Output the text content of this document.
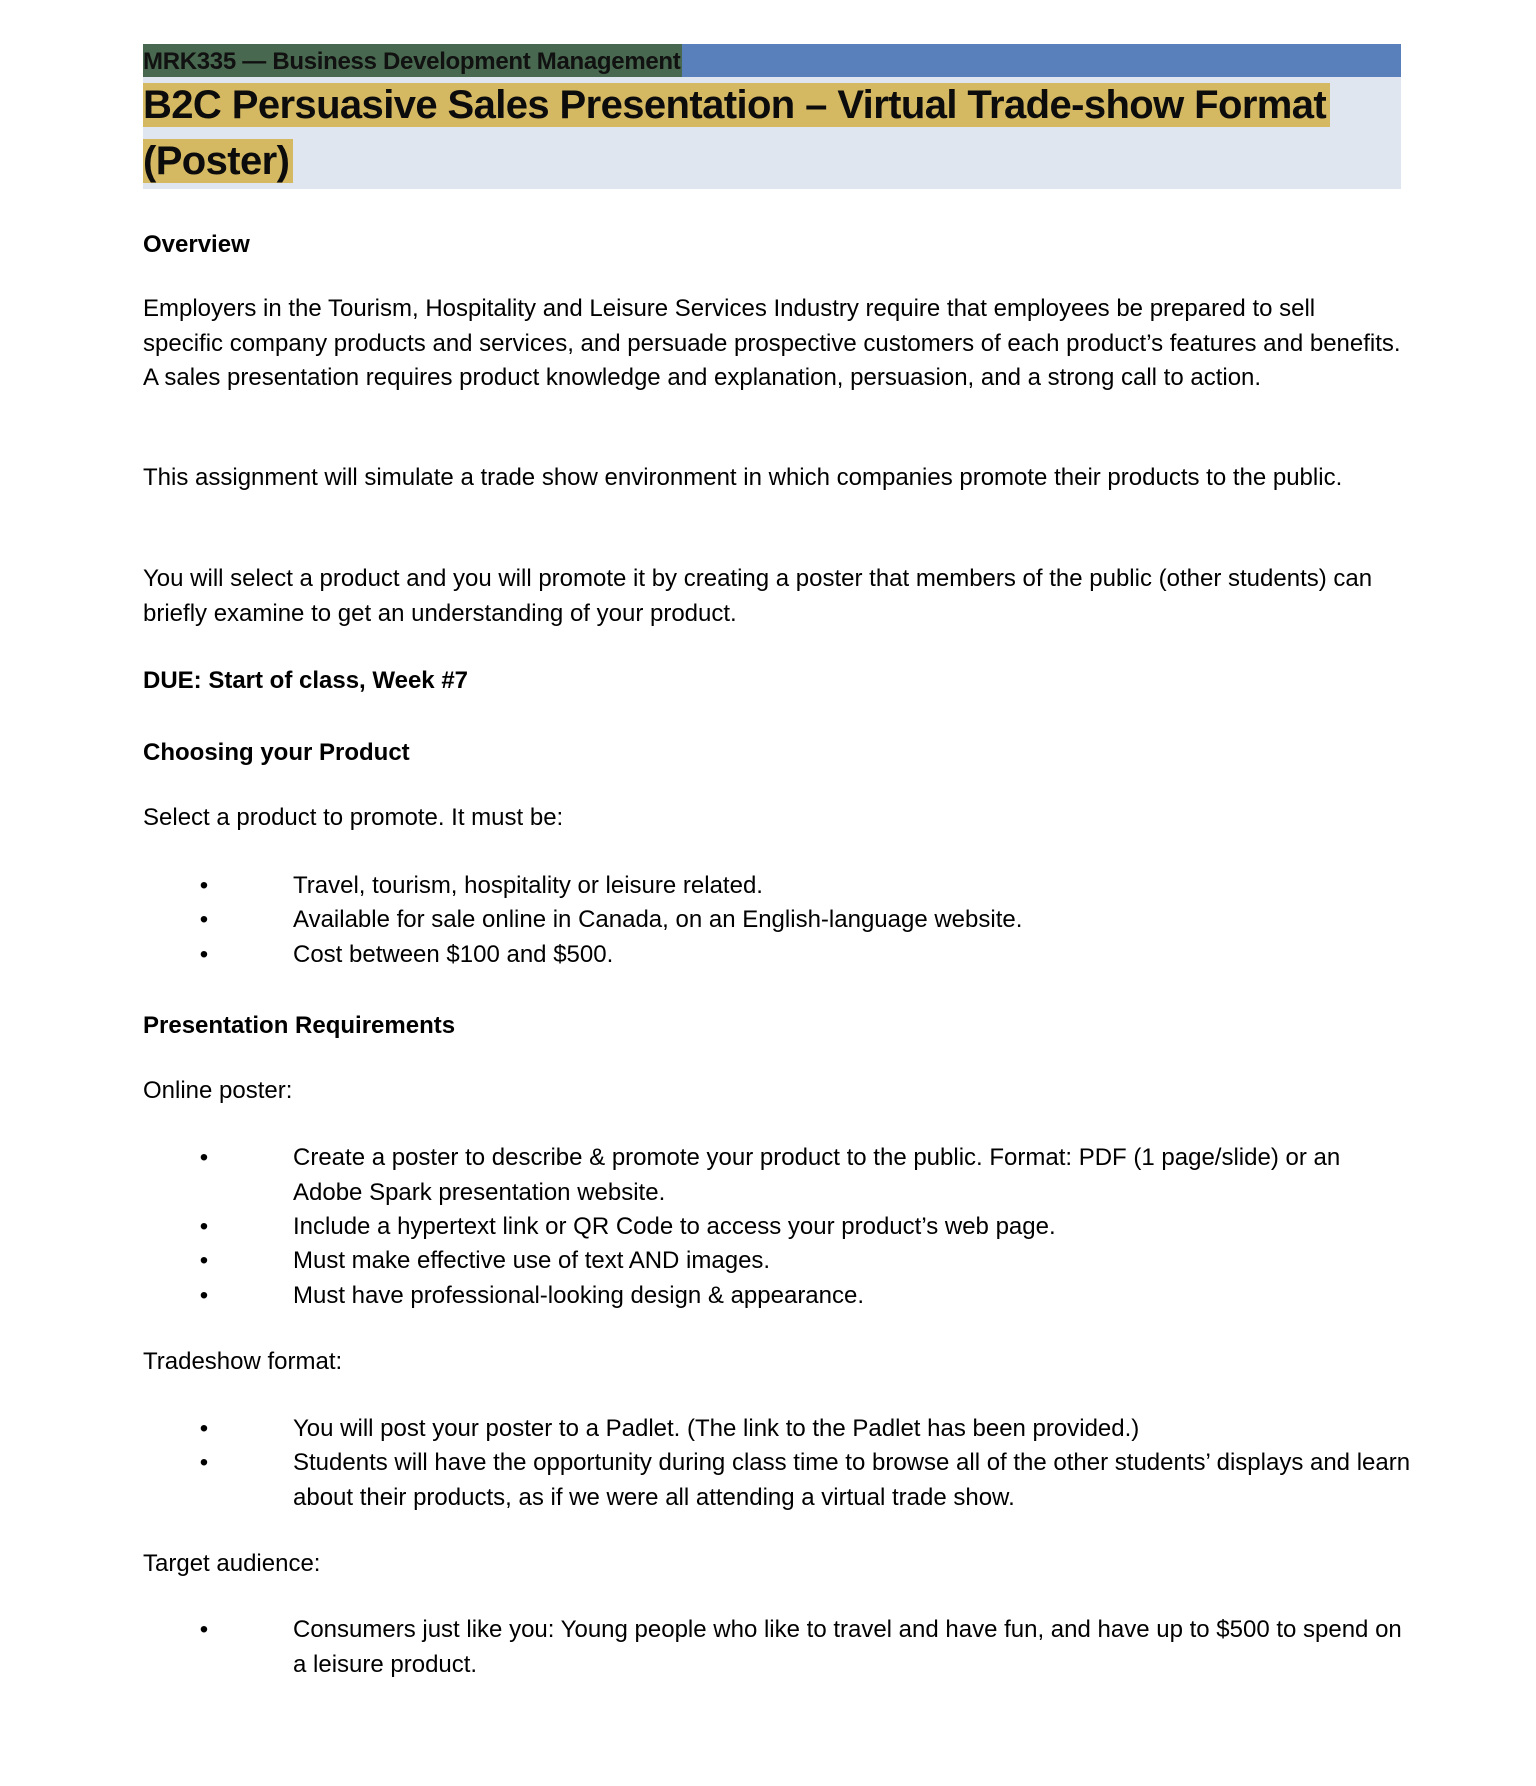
MRK335 — Business Development Management
B2C Persuasive Sales Presentation – Virtual Trade-show Format
(Poster)
Overview
Employers in the Tourism, Hospitality and Leisure Services Industry require that employees be prepared to sell specific company products and services, and persuade prospective customers of each product’s features and benefits. A sales presentation requires product knowledge and explanation, persuasion, and a strong call to action.
This assignment will simulate a trade show environment in which companies promote their products to the public.
You will select a product and you will promote it by creating a poster that members of the public (other students) can briefly examine to get an understanding of your product.
DUE: Start of class, Week #7
Choosing your Product
Select a product to promote. It must be:
•	Travel, tourism, hospitality or leisure related.
•	Available for sale online in Canada, on an English-language website.
•	Cost between $100 and $500.
Presentation Requirements
Online poster:
•	Create a poster to describe & promote your product to the public. Format: PDF (1 page/slide) or an Adobe Spark presentation website.
•	Include a hypertext link or QR Code to access your product’s web page.
•	Must make effective use of text AND images.
•	Must have professional-looking design & appearance.
Tradeshow format:
•	You will post your poster to a Padlet. (The link to the Padlet has been provided.)
•	Students will have the opportunity during class time to browse all of the other students’ displays and learn about their products, as if we were all attending a virtual trade show.
Target audience:
•	Consumers just like you: Young people who like to travel and have fun, and have up to $500 to spend on a leisure product.
